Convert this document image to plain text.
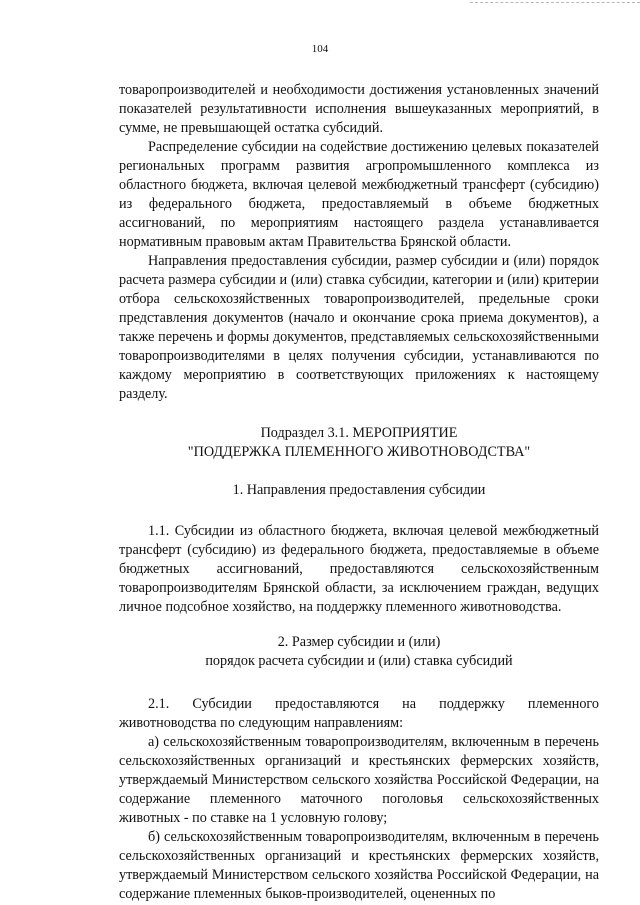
104

товаропроизводителей и необходимости достижения установленных значений показателей результативности исполнения вышеуказанных мероприятий, в сумме, не превышающей остатка субсидий.

Распределение субсидии на содействие достижению целевых показателей региональных программ развития агропромышленного комплекса из областного бюджета, включая целевой межбюджетный трансферт (субсидию) из федерального бюджета, предоставляемый в объеме бюджетных ассигнований, по мероприятиям настоящего раздела устанавливается нормативным правовым актам Правительства Брянской области.

Направления предоставления субсидии, размер субсидии и (или) порядок расчета размера субсидии и (или) ставка субсидии, категории и (или) критерии отбора сельскохозяйственных товаропроизводителей, предельные сроки представления документов (начало и окончание срока приема документов), а также перечень и формы документов, представляемых сельскохозяйственными товаропроизводителями в целях получения субсидии, устанавливаются по каждому мероприятию в соответствующих приложениях к настоящему разделу.

Подраздел 3.1. МЕРОПРИЯТИЕ

"ПОДДЕРЖКА ПЛЕМЕННОГО ЖИВОТНОВОДСТВА"

1. Направления предоставления субсидии

1.1. Субсидии из областного бюджета, включая целевой межбюджетный трансферт (субсидию) из федерального бюджета, предоставляемые в объеме бюджетных ассигнований, предоставляются сельскохозяйственным товаропроизводителям Брянской области, за исключением граждан, ведущих личное подсобное хозяйство, на поддержку племенного животноводства.

2. Размер субсидии и (или)

порядок расчета субсидии и (или) ставка субсидий

2.1. Субсидии предоставляются на поддержку племенного животноводства по следующим направлениям:

а) сельскохозяйственным товаропроизводителям, включенным в перечень сельскохозяйственных организаций и крестьянских фермерских хозяйств, утверждаемый Министерством сельского хозяйства Российской Федерации, на содержание племенного маточного поголовья сельскохозяйственных животных - по ставке на 1 условную голову;

б) сельскохозяйственным товаропроизводителям, включенным в перечень сельскохозяйственных организаций и крестьянских фермерских хозяйств, утверждаемый Министерством сельского хозяйства Российской Федерации, на содержание племенных быков-производителей, оцененных по
